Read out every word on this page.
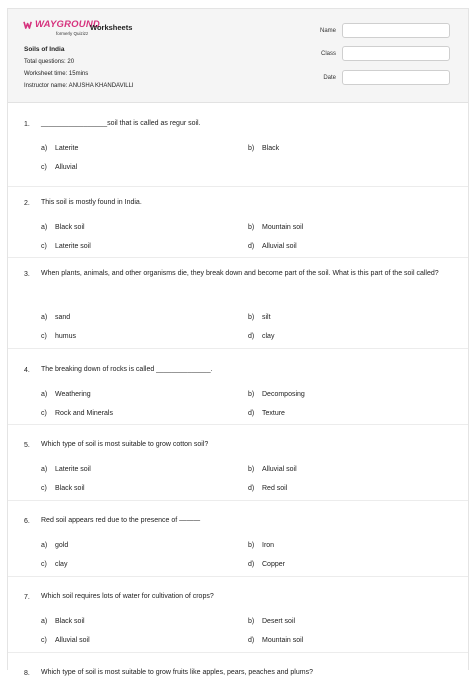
WAYGROUND
formerly Quizizz
Worksheets
Soils of India
Total questions: 20
Worksheet time: 15mins
Instructor name: ANUSHA KHANDAVILLI
Name
Class
Date
1. _________________soil that is called as regur soil.
a) Laterite	b) Black
c) Alluvial
2. This soil is mostly found in India.
a) Black soil	b) Mountain soil
c) Laterite soil	d) Alluvial soil
3. When plants, animals, and other organisms die, they break down and become part of the soil. What is this part of the soil called?
a) sand	b) silt
c) humus	d) clay
4. The breaking down of rocks is called ______________.
a) Weathering	b) Decomposing
c) Rock and Minerals	d) Texture
5. Which type of soil is most suitable to grow cotton soil?
a) Laterite soil	b) Alluvial soil
c) Black soil	d) Red soil
6. Red soil appears red due to the presence of ———
a) gold	b) Iron
c) clay	d) Copper
7. Which soil requires lots of water for cultivation of crops?
a) Black soil	b) Desert soil
c) Alluvial soil	d) Mountain soil
8. Which type of soil is most suitable to grow fruits like apples, pears, peaches and plums?
